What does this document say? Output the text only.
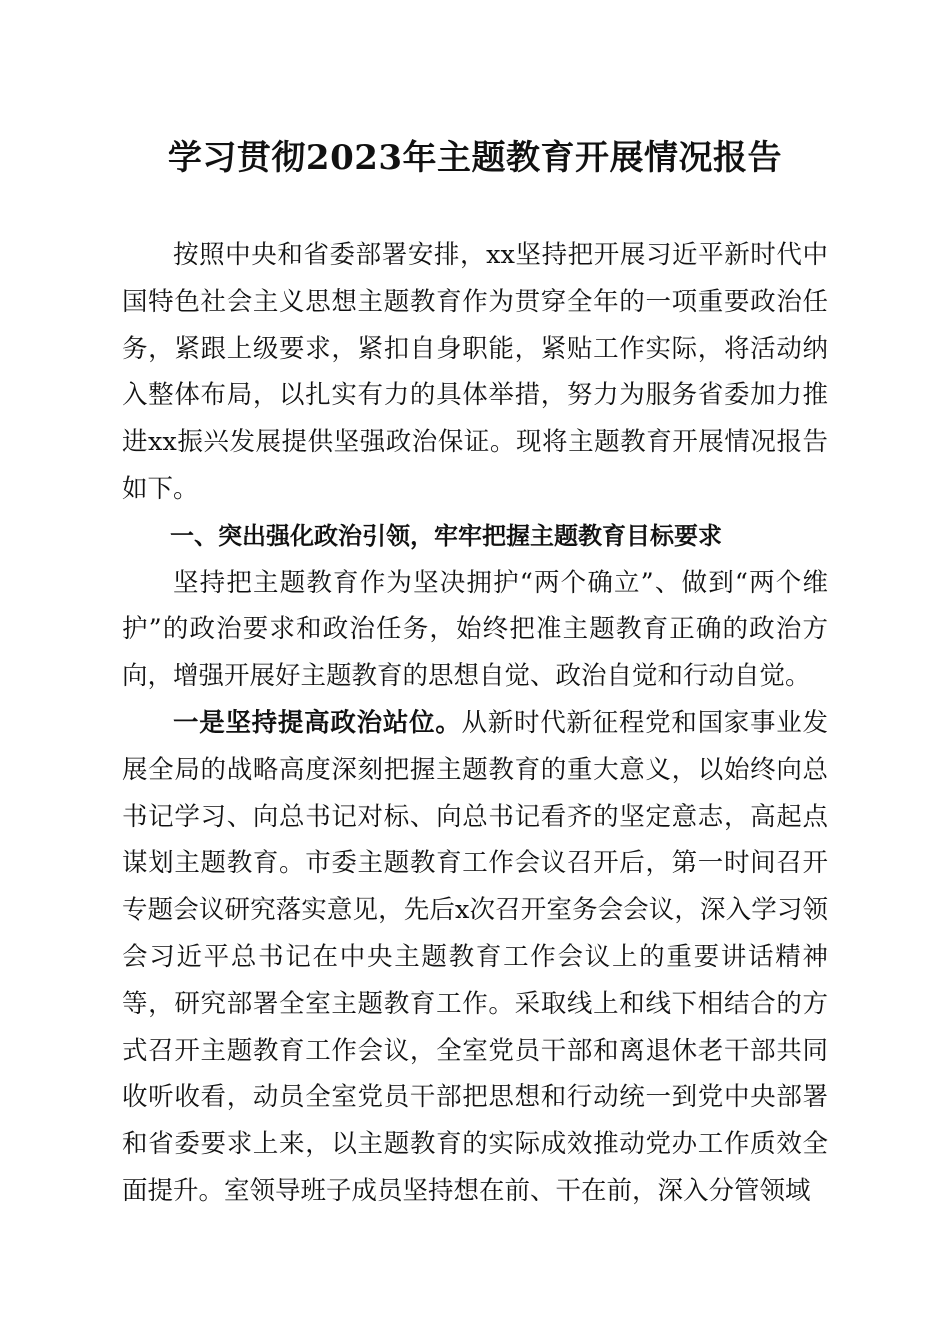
学习贯彻2023年主题教育开展情况报告

按照中央和省委部署安排，xx坚持把开展习近平新时代中国特色社会主义思想主题教育作为贯穿全年的一项重要政治任务，紧跟上级要求，紧扣自身职能，紧贴工作实际，将活动纳入整体布局，以扎实有力的具体举措，努力为服务省委加力推进xx振兴发展提供坚强政治保证。现将主题教育开展情况报告如下。

一、突出强化政治引领，牢牢把握主题教育目标要求

坚持把主题教育作为坚决拥护“两个确立”、做到“两个维护”的政治要求和政治任务，始终把准主题教育正确的政治方向，增强开展好主题教育的思想自觉、政治自觉和行动自觉。

一是坚持提高政治站位。从新时代新征程党和国家事业发展全局的战略高度深刻把握主题教育的重大意义，以始终向总书记学习、向总书记对标、向总书记看齐的坚定意志，高起点谋划主题教育。市委主题教育工作会议召开后，第一时间召开专题会议研究落实意见，先后x次召开室务会会议，深入学习领会习近平总书记在中央主题教育工作会议上的重要讲话精神等，研究部署全室主题教育工作。采取线上和线下相结合的方式召开主题教育工作会议，全室党员干部和离退休老干部共同收听收看，动员全室党员干部把思想和行动统一到党中央部署和省委要求上来，以主题教育的实际成效推动党办工作质效全面提升。室领导班子成员坚持想在前、干在前，深入分管领域
